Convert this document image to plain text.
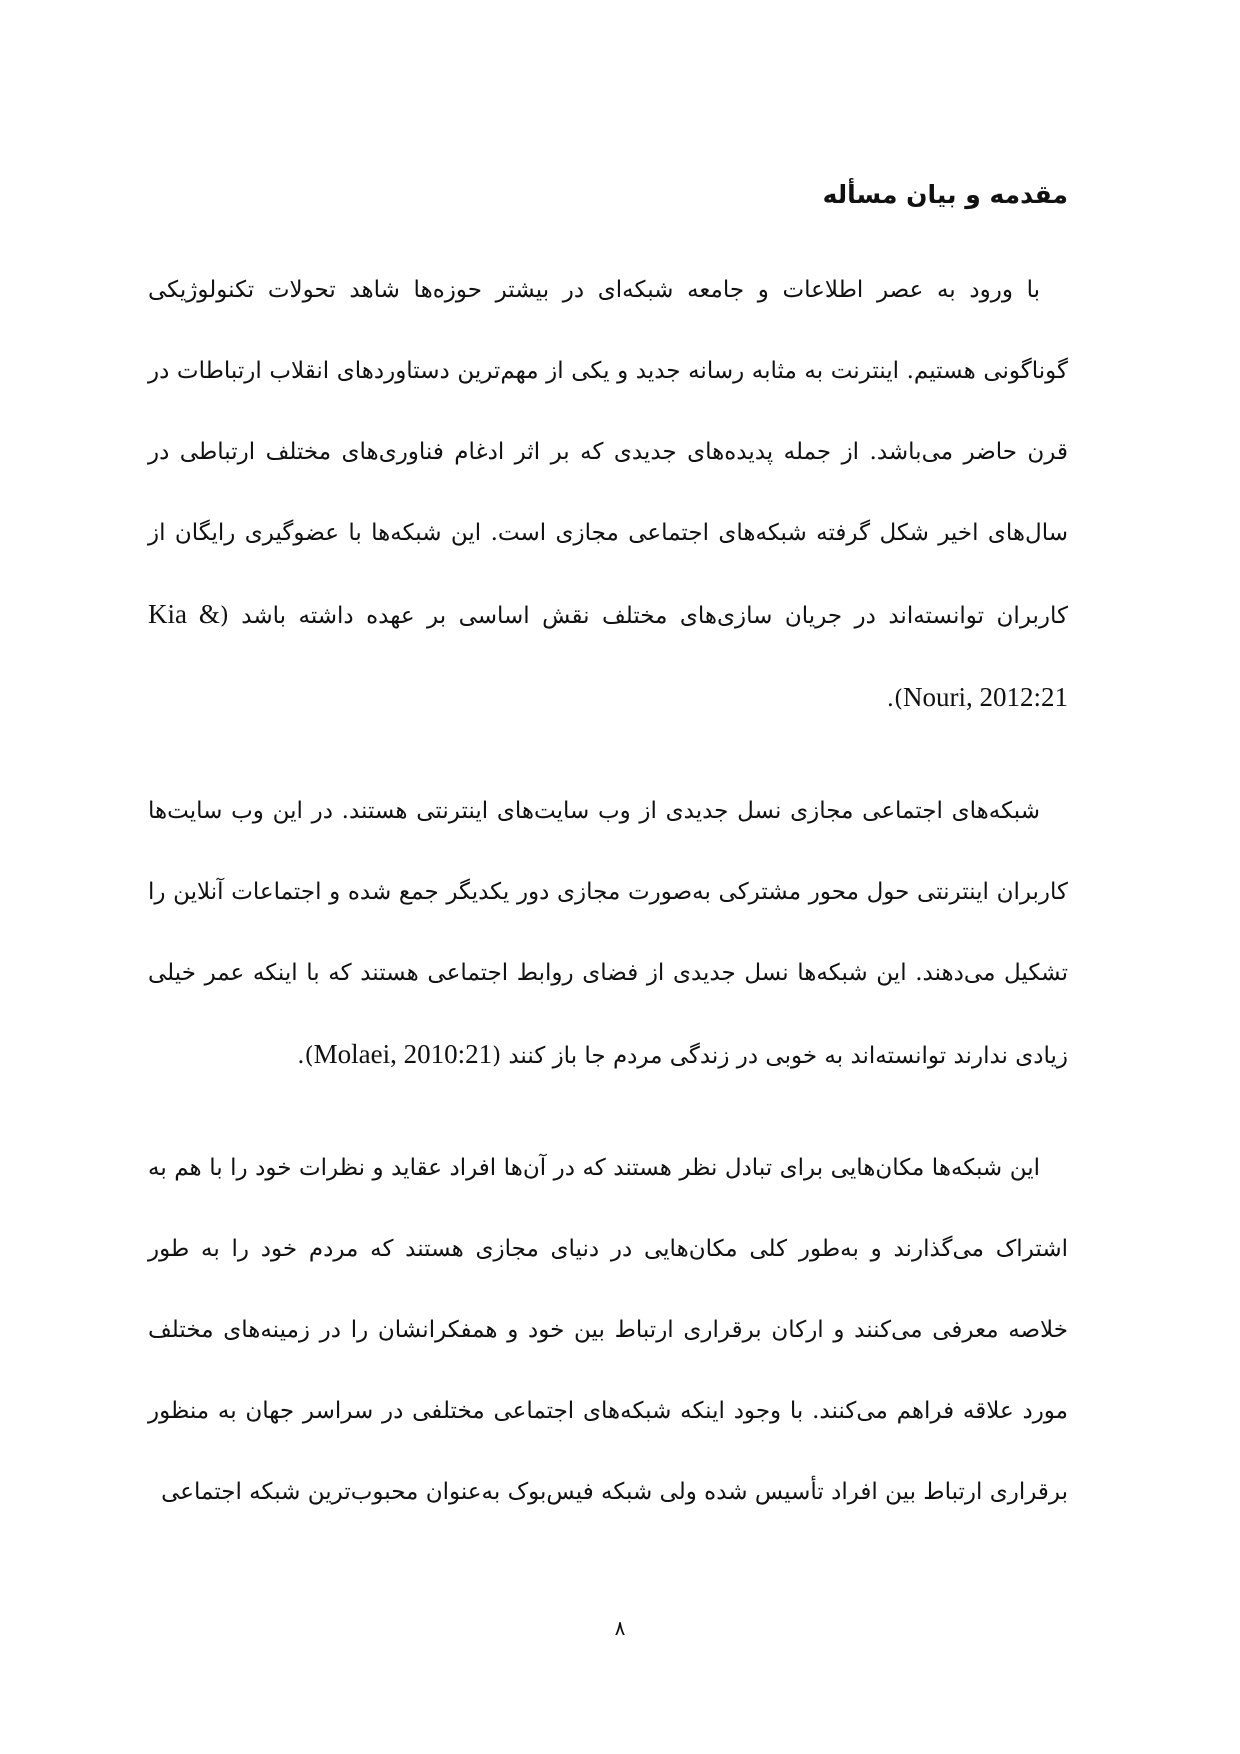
مقدمه و بیان مسأله

با ورود به عصر اطلاعات و جامعه شبکه‌ای در بیشتر حوزه‌ها شاهد تحولات تکنولوژیکی گوناگونی هستیم. اینترنت به مثابه رسانه جدید و یکی از مهم‌ترین دستاوردهای انقلاب ارتباطات در قرن حاضر می‌باشد. از جمله پدیده‌های جدیدی که بر اثر ادغام فناوری‌های مختلف ارتباطی در سال‌های اخیر شکل گرفته شبکه‌های اجتماعی مجازی است. این شبکه‌ها با عضوگیری رایگان از کاربران توانسته‌اند در جریان سازی‌های مختلف نقش اساسی بر عهده داشته باشد (Kia & Nouri, 2012:21).

شبکه‌های اجتماعی مجازی نسل جدیدی از وب سایت‌های اینترنتی هستند. در این وب سایت‌ها کاربران اینترنتی حول محور مشترکی به‌صورت مجازی دور یکدیگر جمع شده و اجتماعات آنلاین را تشکیل می‌دهند. این شبکه‌ها نسل جدیدی از فضای روابط اجتماعی هستند که با اینکه عمر خیلی زیادی ندارند توانسته‌اند به خوبی در زندگی مردم جا باز کنند (Molaei, 2010:21).

این شبکه‌ها مکان‌هایی برای تبادل نظر هستند که در آن‌ها افراد عقاید و نظرات خود را با هم به اشتراک می‌گذارند و به‌طور کلی مکان‌هایی در دنیای مجازی هستند که مردم خود را به طور خلاصه معرفی می‌کنند و ارکان برقراری ارتباط بین خود و همفکرانشان را در زمینه‌های مختلف مورد علاقه فراهم می‌کنند. با وجود اینکه شبکه‌های اجتماعی مختلفی در سراسر جهان به منظور برقراری ارتباط بین افراد تأسیس شده ولی شبکه فیس‌بوک به‌عنوان محبوب‌ترین شبکه اجتماعی

۸
